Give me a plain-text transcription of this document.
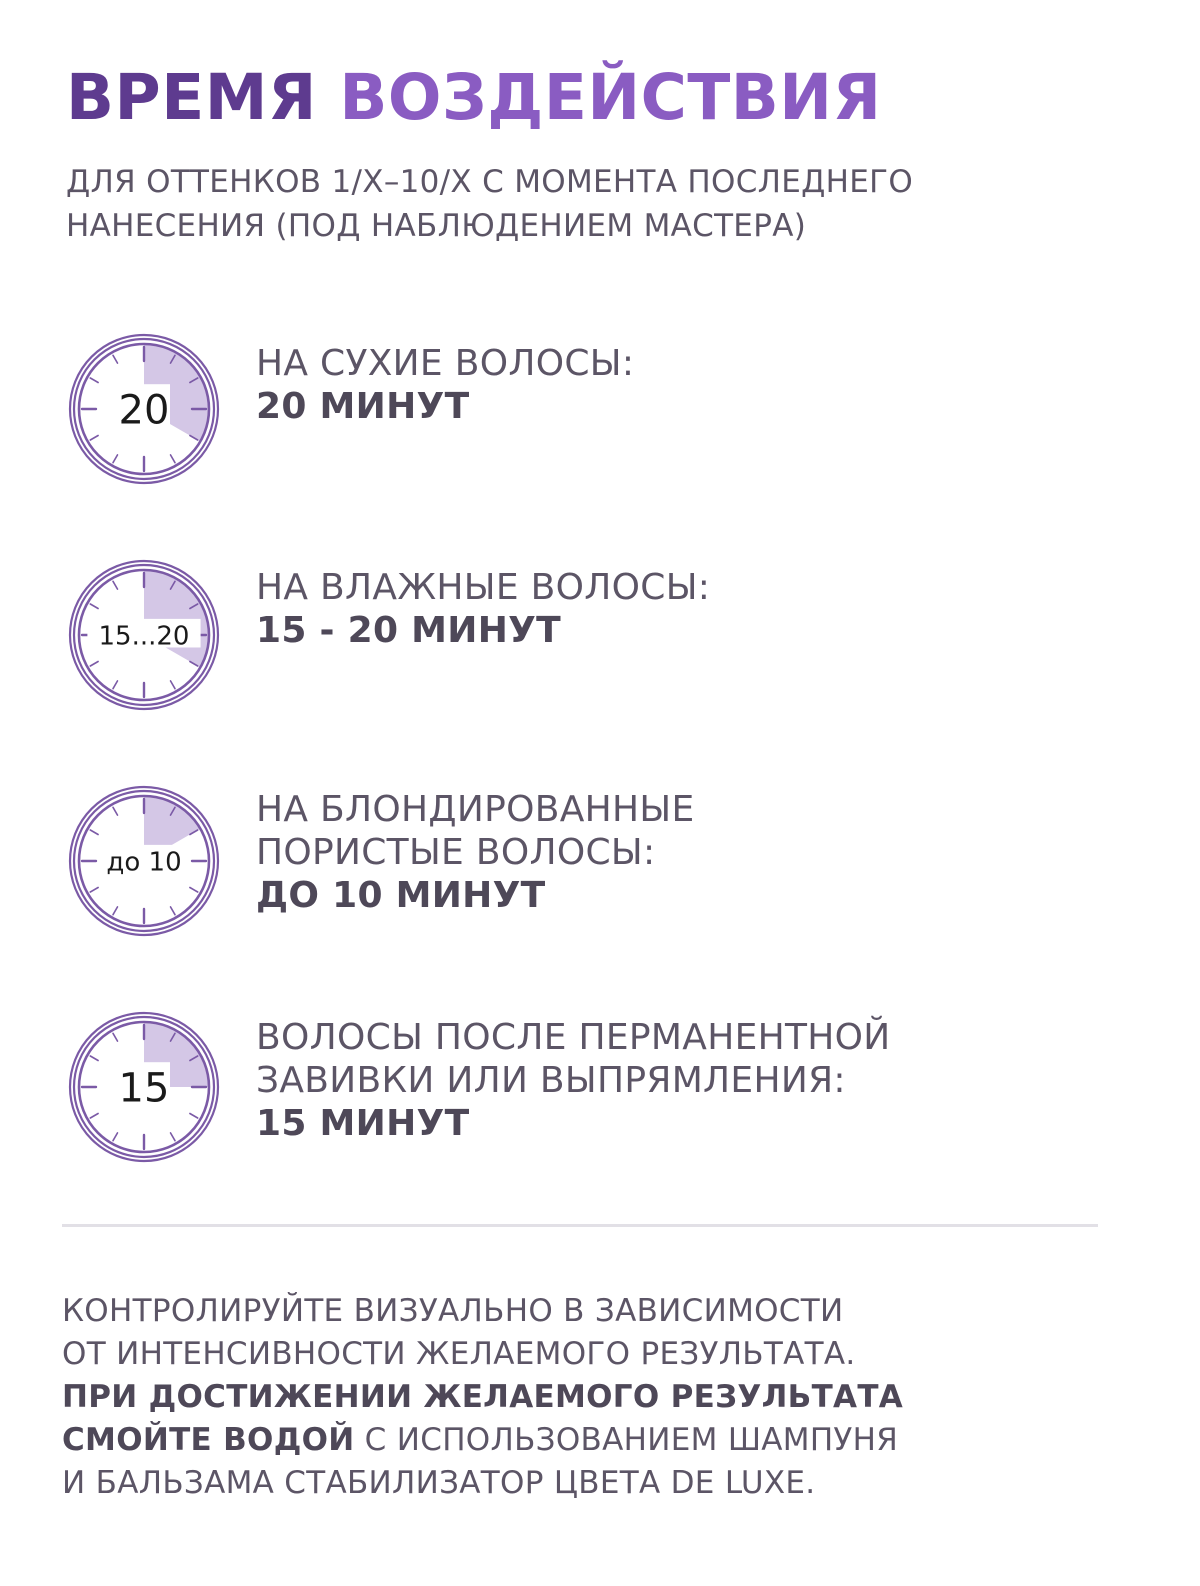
ВРЕМЯ ВОЗДЕЙСТВИЯ
ДЛЯ ОТТЕНКОВ 1/Х–10/Х С МОМЕНТА ПОСЛЕДНЕГО
НАНЕСЕНИЯ (ПОД НАБЛЮДЕНИЕМ МАСТЕРА)
20
НА СУХИЕ ВОЛОСЫ:
20 МИНУТ
15...20
НА ВЛАЖНЫЕ ВОЛОСЫ:
15 - 20 МИНУТ
до 10
НА БЛОНДИРОВАННЫЕ
ПОРИСТЫЕ ВОЛОСЫ:
ДО 10 МИНУТ
15
ВОЛОСЫ ПОСЛЕ ПЕРМАНЕНТНОЙ
ЗАВИВКИ ИЛИ ВЫПРЯМЛЕНИЯ:
15 МИНУТ
КОНТРОЛИРУЙТЕ ВИЗУАЛЬНО В ЗАВИСИМОСТИ
ОТ ИНТЕНСИВНОСТИ ЖЕЛАЕМОГО РЕЗУЛЬТАТА.
ПРИ ДОСТИЖЕНИИ ЖЕЛАЕМОГО РЕЗУЛЬТАТА
СМОЙТЕ ВОДОЙ С ИСПОЛЬЗОВАНИЕМ ШАМПУНЯ
И БАЛЬЗАМА СТАБИЛИЗАТОР ЦВЕТА DE LUXE.
